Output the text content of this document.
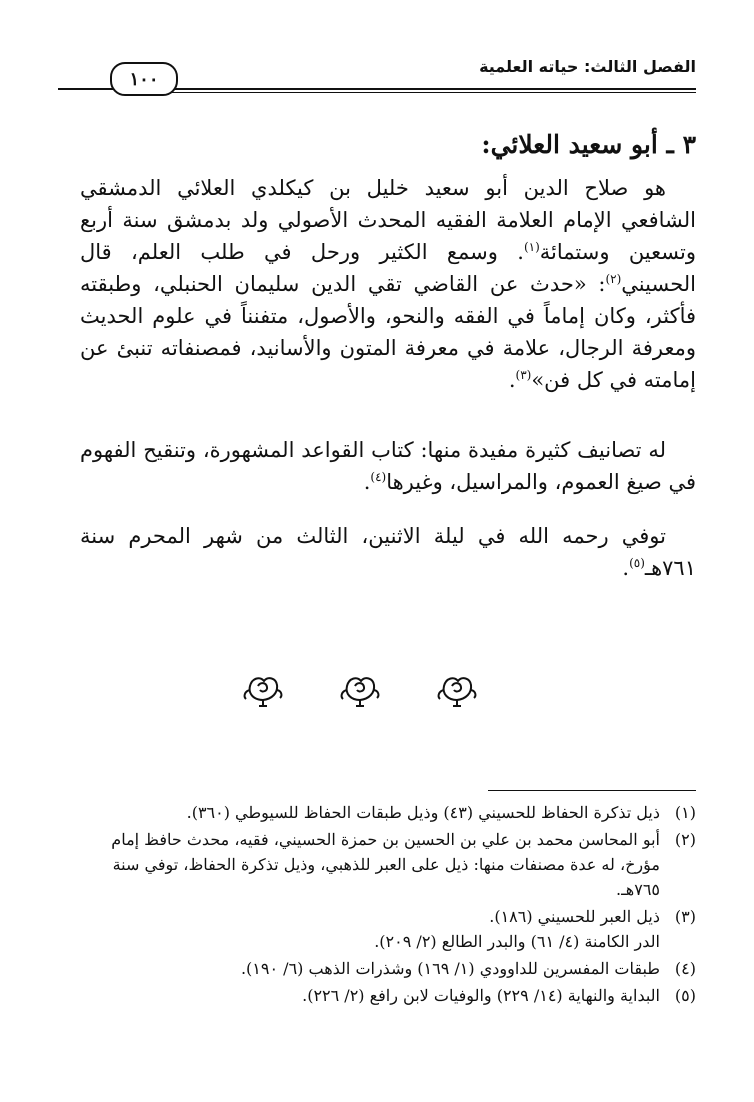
الفصل الثالث: حياته العلمية
١٠٠
٣ ـ أبو سعيد العلائي:
هو صلاح الدين أبو سعيد خليل بن كيكلدي العلائي الدمشقي الشافعي الإمام العلامة الفقيه المحدث الأصولي ولد بدمشق سنة أربع وتسعين وستمائة$^{(١)}$. وسمع الكثير ورحل في طلب العلم، قال الحسيني$^{(٢)}$: «حدث عن القاضي تقي الدين سليمان الحنبلي، وطبقته فأكثر، وكان إماماً في الفقه والنحو، والأصول، متفنناً في علوم الحديث ومعرفة الرجال، علامة في معرفة المتون والأسانيد، فمصنفاته تنبئ عن إمامته في كل فن»$^{(٣)}$.
له تصانيف كثيرة مفيدة منها: كتاب القواعد المشهورة، وتنقيح الفهوم في صيغ العموم، والمراسيل، وغيرها$^{(٤)}$.
توفي رحمه الله في ليلة الاثنين، الثالث من شهر المحرم سنة ٧٦١هـ$^{(٥)}$.
(١)
ذيل تذكرة الحفاظ للحسيني (٤٣) وذيل طبقات الحفاظ للسيوطي (٣٦٠).
(٢)
أبو المحاسن محمد بن علي بن الحسين بن حمزة الحسيني، فقيه، محدث حافظ إمام مؤرخ، له عدة مصنفات منها: ذيل على العبر للذهبي، وذيل تذكرة الحفاظ، توفي سنة ٧٦٥هـ.
(٣)
ذيل العبر للحسيني (١٨٦).
الدر الكامنة (٤/ ٦١) والبدر الطالع (٢/ ٢٠٩).
(٤)
طبقات المفسرين للداوودي (١/ ١٦٩) وشذرات الذهب (٦/ ١٩٠).
(٥)
البداية والنهاية (١٤/ ٢٢٩) والوفيات لابن رافع (٢/ ٢٢٦).
